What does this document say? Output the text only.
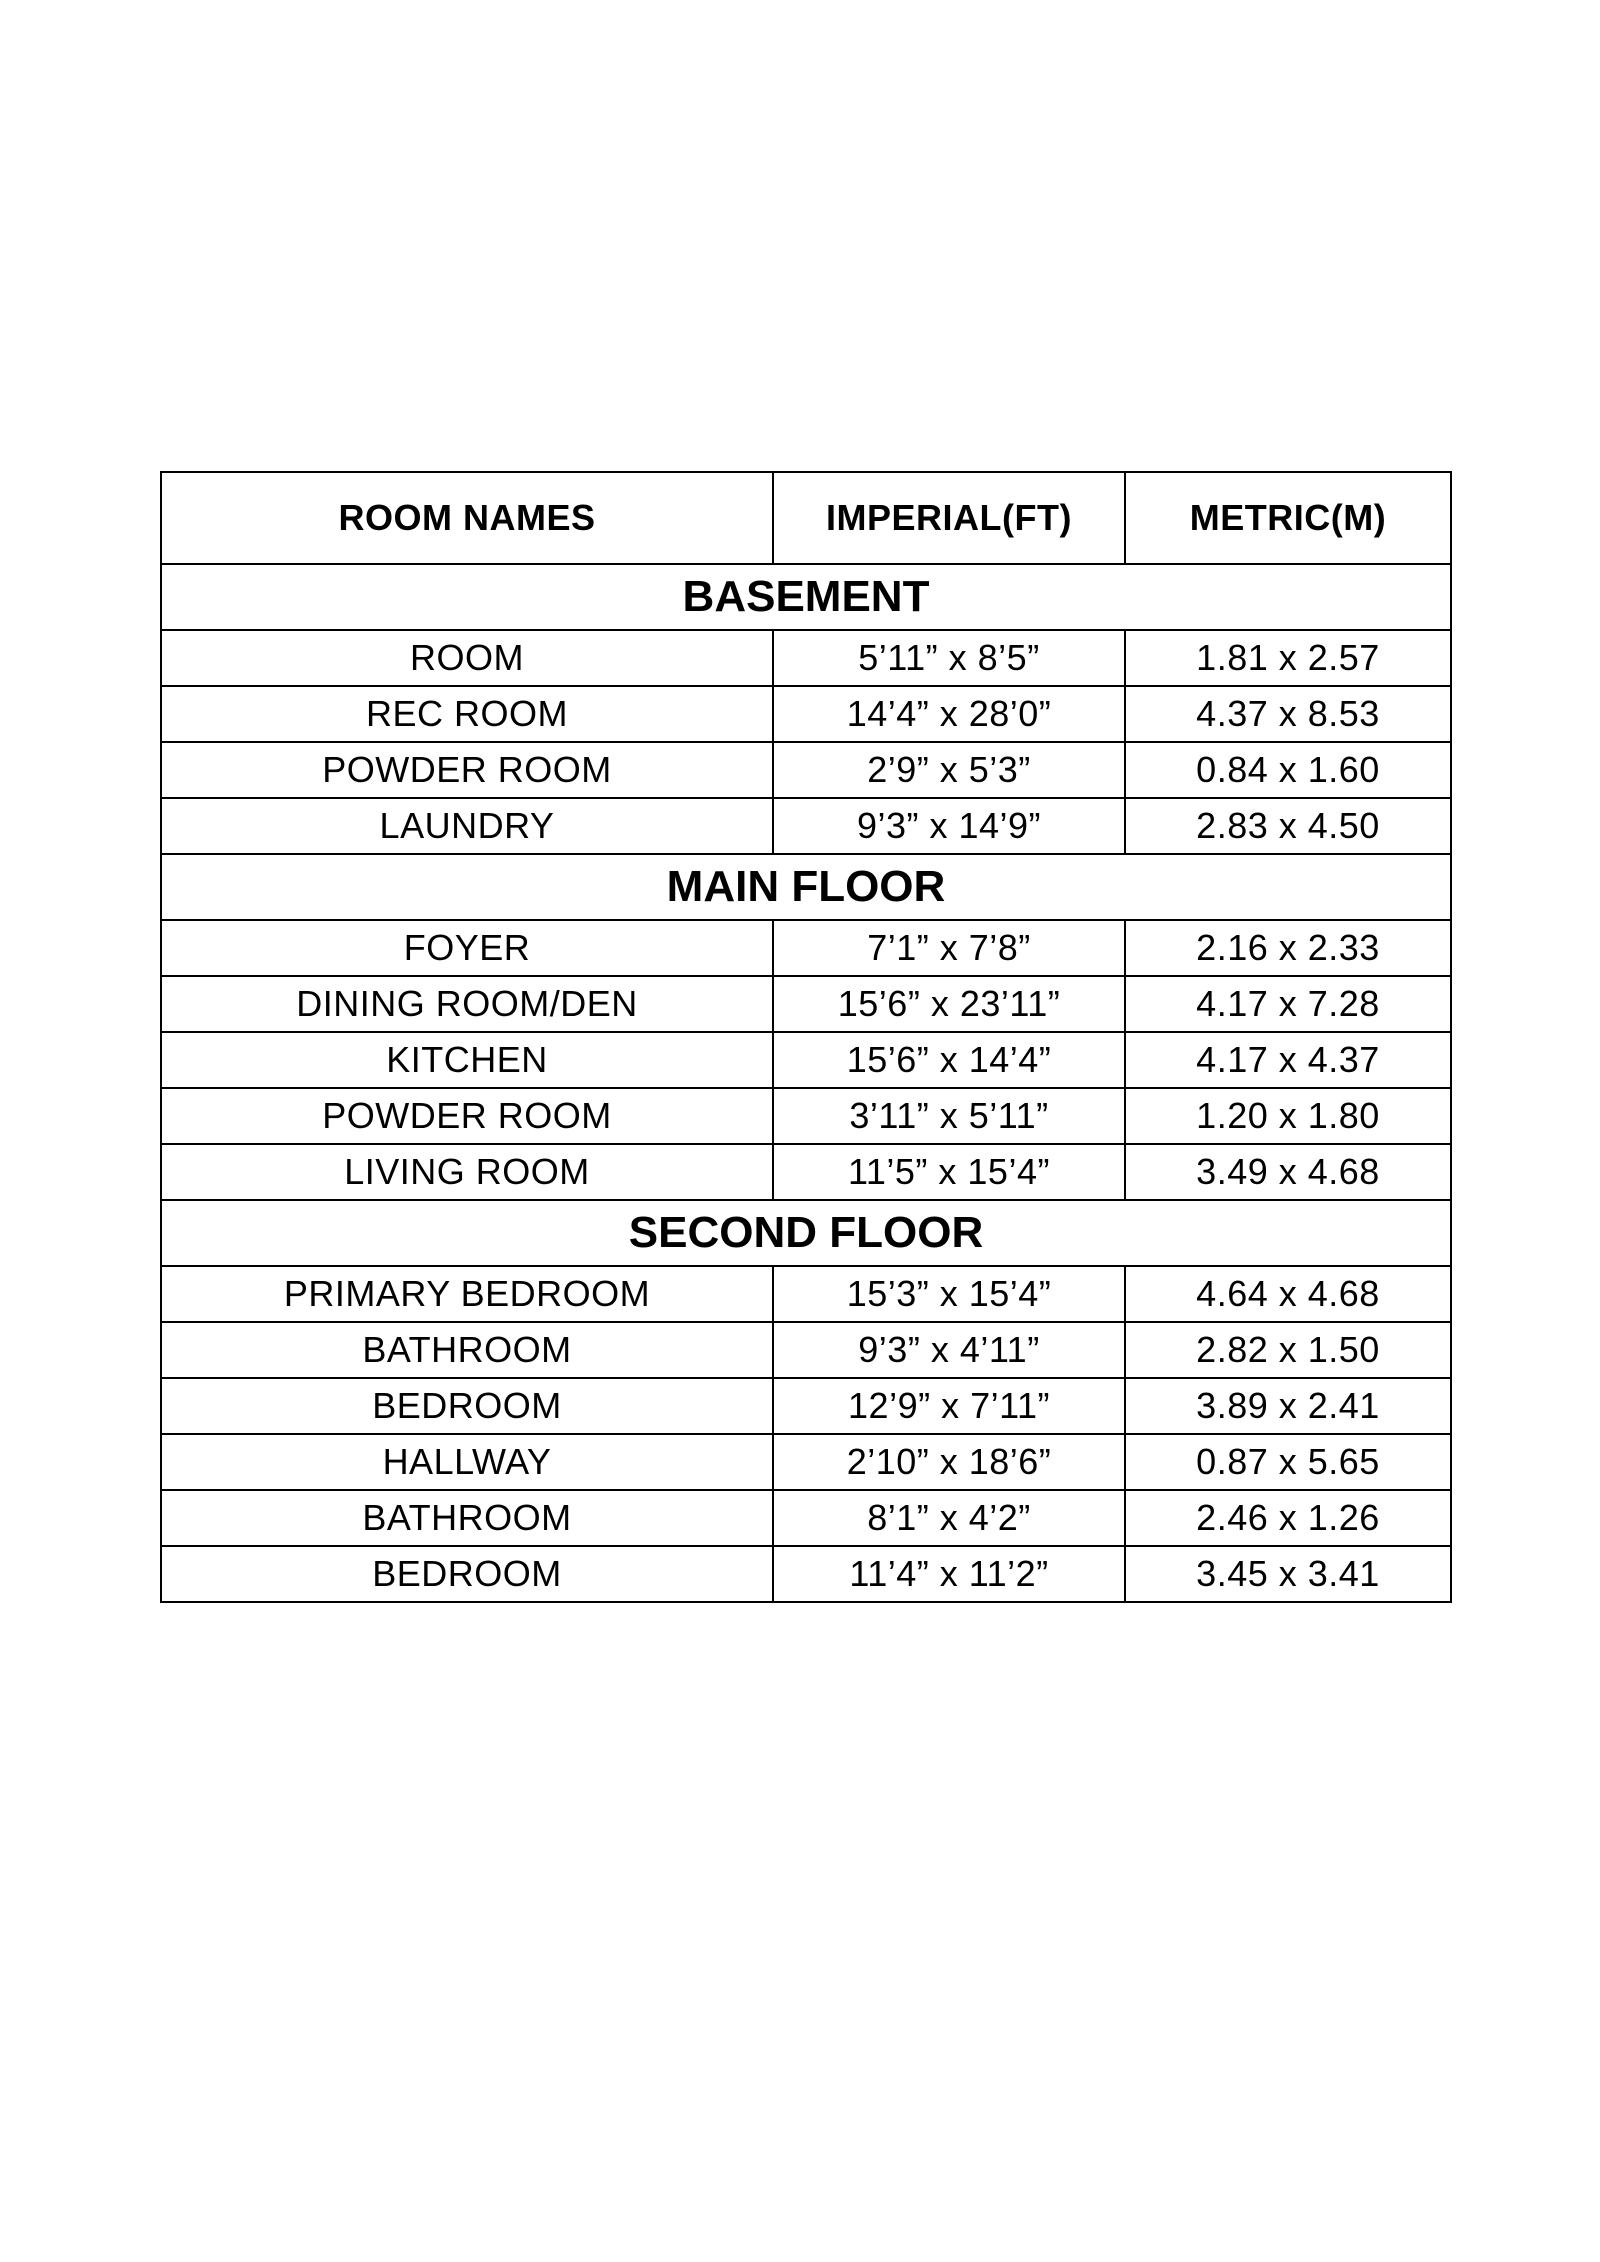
ROOM NAMES	IMPERIAL(FT)	METRIC(M)
BASEMENT		
ROOM	5’11” x 8’5”	1.81 x 2.57
REC ROOM	14’4” x 28’0”	4.37 x 8.53
POWDER ROOM	2’9” x 5’3”	0.84 x 1.60
LAUNDRY	9’3” x 14’9”	2.83 x 4.50
MAIN FLOOR		
FOYER	7’1” x 7’8”	2.16 x 2.33
DINING ROOM/DEN	15’6” x 23’11”	4.17 x 7.28
KITCHEN	15’6” x 14’4”	4.17 x 4.37
POWDER ROOM	3’11” x 5’11”	1.20 x 1.80
LIVING ROOM	11’5” x 15’4”	3.49 x 4.68
SECOND FLOOR		
PRIMARY BEDROOM	15’3” x 15’4”	4.64 x 4.68
BATHROOM	9’3” x 4’11”	2.82 x 1.50
BEDROOM	12’9” x 7’11”	3.89 x 2.41
HALLWAY	2’10” x 18’6”	0.87 x 5.65
BATHROOM	8’1” x 4’2”	2.46 x 1.26
BEDROOM	11’4” x 11’2”	3.45 x 3.41
